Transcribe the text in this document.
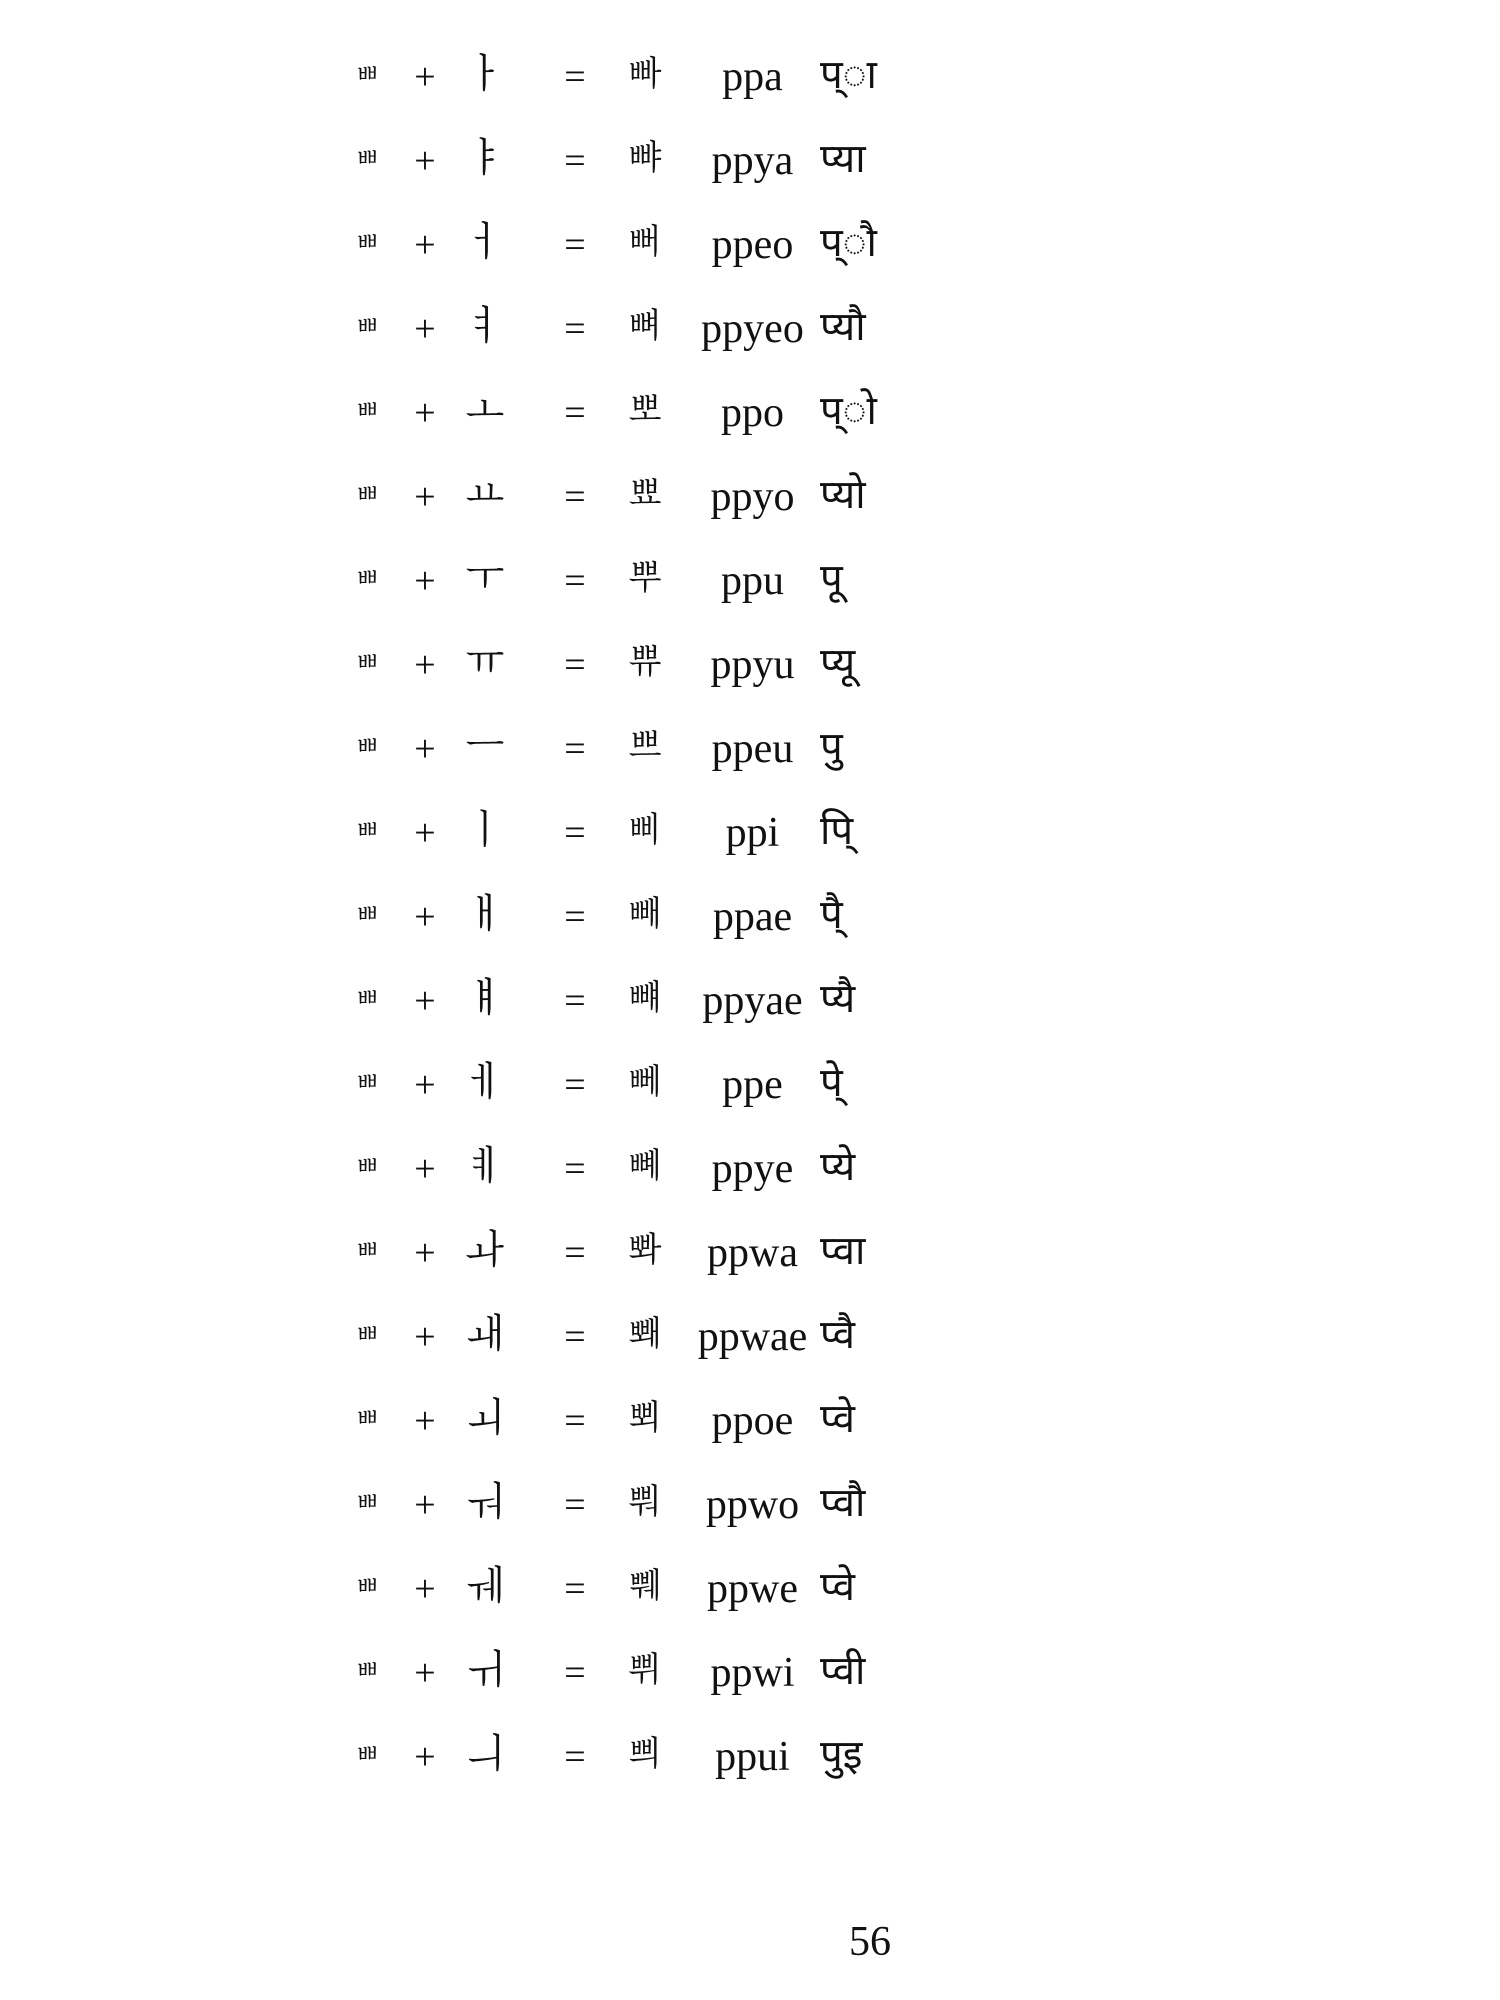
ㅃ + ㅏ	=	빠	ppa प्ा
ㅃ + ㅑ	=	뺘	ppya प्या
ㅃ + ㅓ	=	뻐	ppeo प्ौ
ㅃ + ㅕ	=	뼈 ppyeo प्यौ
ㅃ + ㅗ	=	뽀	ppo प्ो
ㅃ + ㅛ	=	뾰	ppyo प्यो
ㅃ + ㅜ	=	뿌	ppu पू
ㅃ + ㅠ	=	쀼	ppyu प्यू
ㅃ + ㅡ	=	쁘	ppeu पु
ㅃ + ㅣ	=	삐	ppi	पि्
ㅃ + ㅐ	=	빼	ppae पै्
ㅃ + ㅒ	=	뺴 ppyae प्यै
ㅃ + ㅔ	=	뻬	ppe पे्
ㅃ + ㅖ	=	뼤	ppye प्ये
ㅃ + ㅘ	=	뽜	ppwa प्वा
ㅃ + ㅙ	=	뽸 ppwae प्वै
ㅃ + ㅚ	=	뾔	ppoe प्वे
ㅃ + ㅝ	=	뿨	ppwo प्वौ
ㅃ + ㅞ	=	쀄	ppwe प्वे
ㅃ + ㅟ	=	쀠	ppwi प्वी
ㅃ + ㅢ	=	쁴	ppui पुइ
56
